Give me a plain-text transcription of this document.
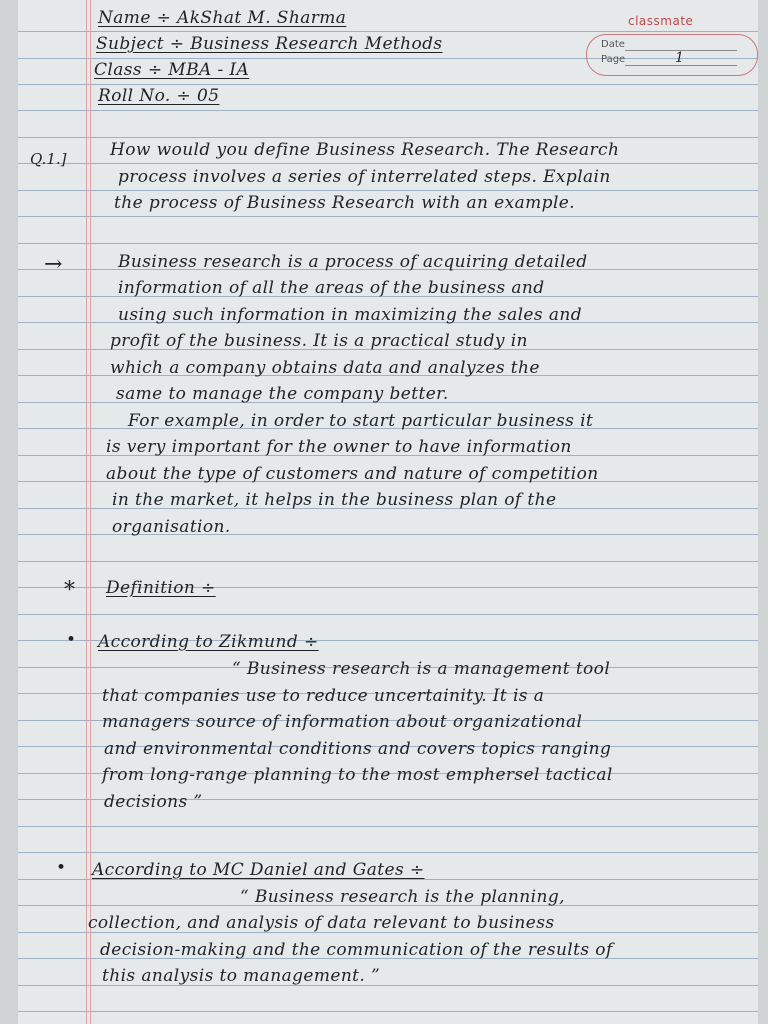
classmate
Date
Page	1
Name ÷ AkShat M. Sharma
Subject ÷ Business Research Methods
Class ÷ MBA - IA
Roll No. ÷ 05
Q.1.]	How would you define Business Research. The Research
process involves a series of interrelated steps. Explain
the process of Business Research with an example.
→	Business research is a process of acquiring detailed
information of all the areas of the business and
using such information in maximizing the sales and
profit of the business. It is a practical study in
which a company obtains data and analyzes the
same to manage the company better.
For example, in order to start particular business it
is very important for the owner to have information
about the type of customers and nature of competition
in the market, it helps in the business plan of the
organisation.
* Definition ÷
• According to Zikmund ÷
“ Business research is a management tool
that companies use to reduce uncertainity. It is a
managers source of information about organizational
and environmental conditions and covers topics ranging
from long-range planning to the most emphersel tactical
decisions ”
• According to MC Daniel and Gates ÷
“ Business research is the planning,
collection, and analysis of data relevant to business
decision-making and the communication of the results of
this analysis to management. ”
